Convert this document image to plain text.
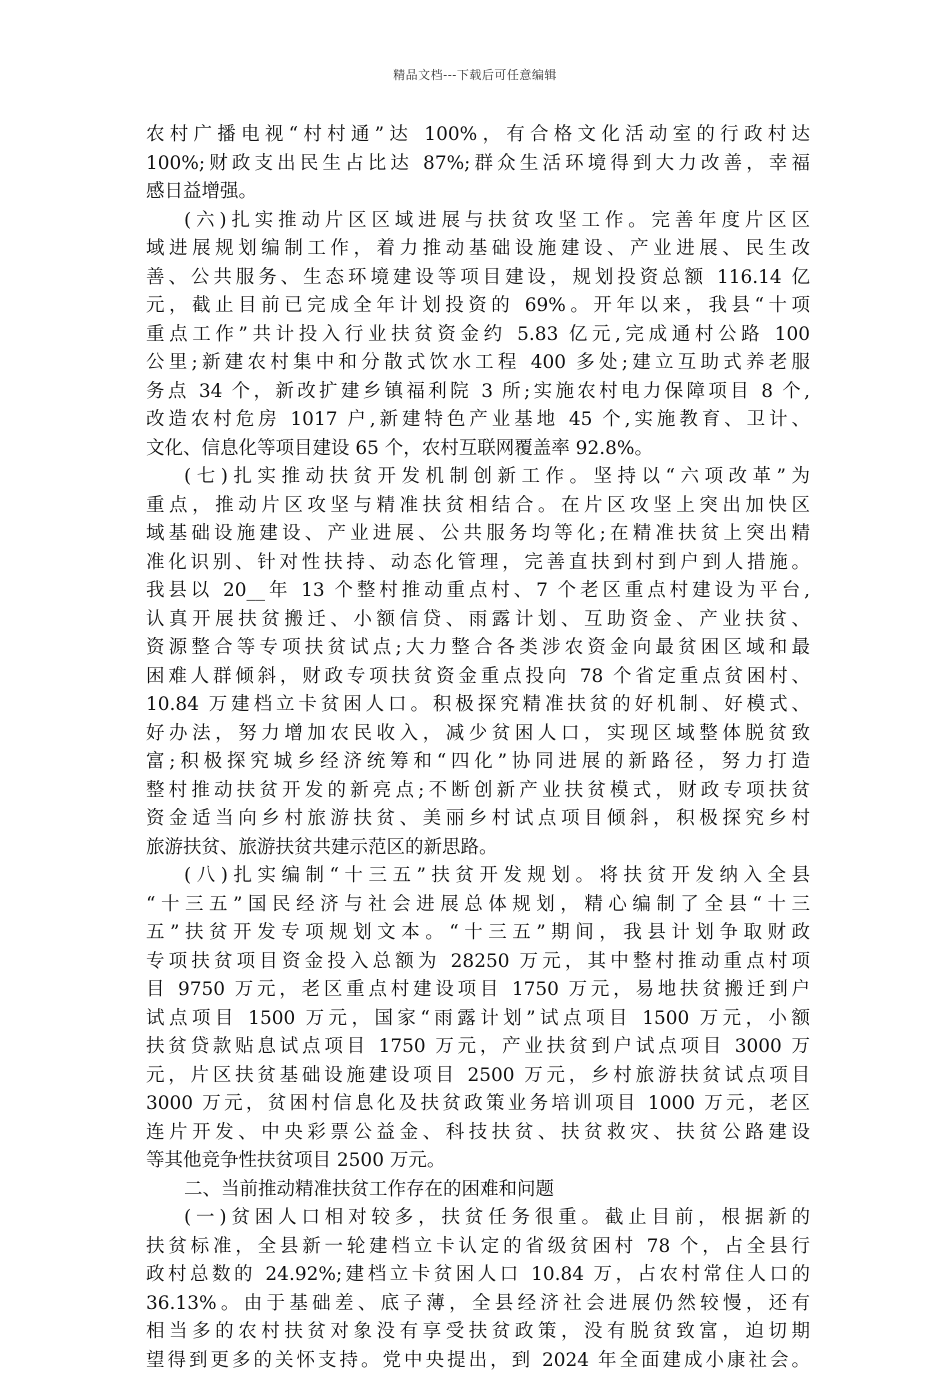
精品文档---下载后可任意编辑
农村广播电视“村村通”达 100%，有合格文化活动室的行政村达
100%;财政支出民生占比达 87%;群众生活环境得到大力改善，幸福
感日益增强。
(六)扎实推动片区区域进展与扶贫攻坚工作。完善年度片区区
域进展规划编制工作，着力推动基础设施建设、产业进展、民生改
善、公共服务、生态环境建设等项目建设，规划投资总额 116.14 亿
元，截止目前已完成全年计划投资的 69%。开年以来，我县“十项
重点工作”共计投入行业扶贫资金约 5.83 亿元,完成通村公路 100
公里;新建农村集中和分散式饮水工程 400 多处;建立互助式养老服
务点 34 个，新改扩建乡镇福利院 3 所;实施农村电力保障项目 8 个,
改造农村危房 1017 户,新建特色产业基地 45 个,实施教育、卫计、
文化、信息化等项目建设 65 个，农村互联网覆盖率 92.8%。
(七)扎实推动扶贫开发机制创新工作。坚持以“六项改革”为
重点，推动片区攻坚与精准扶贫相结合。在片区攻坚上突出加快区
域基础设施建设、产业进展、公共服务均等化;在精准扶贫上突出精
准化识别、针对性扶持、动态化管理，完善直扶到村到户到人措施。
我县以 20__年 13 个整村推动重点村、7 个老区重点村建设为平台,
认真开展扶贫搬迁、小额信贷、雨露计划、互助资金、产业扶贫、
资源整合等专项扶贫试点;大力整合各类涉农资金向最贫困区域和最
困难人群倾斜，财政专项扶贫资金重点投向 78 个省定重点贫困村、
10.84 万建档立卡贫困人口。积极探究精准扶贫的好机制、好模式、
好办法，努力增加农民收入，减少贫困人口，实现区域整体脱贫致
富;积极探究城乡经济统筹和“四化”协同进展的新路径，努力打造
整村推动扶贫开发的新亮点;不断创新产业扶贫模式，财政专项扶贫
资金适当向乡村旅游扶贫、美丽乡村试点项目倾斜，积极探究乡村
旅游扶贫、旅游扶贫共建示范区的新思路。
(八)扎实编制“十三五”扶贫开发规划。将扶贫开发纳入全县
“十三五”国民经济与社会进展总体规划，精心编制了全县“十三
五”扶贫开发专项规划文本。“十三五”期间，我县计划争取财政
专项扶贫项目资金投入总额为 28250 万元，其中整村推动重点村项
目 9750 万元，老区重点村建设项目 1750 万元，易地扶贫搬迁到户
试点项目 1500 万元，国家“雨露计划”试点项目 1500 万元，小额
扶贫贷款贴息试点项目 1750 万元，产业扶贫到户试点项目 3000 万
元，片区扶贫基础设施建设项目 2500 万元，乡村旅游扶贫试点项目
3000 万元，贫困村信息化及扶贫政策业务培训项目 1000 万元，老区
连片开发、中央彩票公益金、科技扶贫、扶贫救灾、扶贫公路建设
等其他竞争性扶贫项目 2500 万元。
二、当前推动精准扶贫工作存在的困难和问题
(一)贫困人口相对较多，扶贫任务很重。截止目前，根据新的
扶贫标准，全县新一轮建档立卡认定的省级贫困村 78 个，占全县行
政村总数的 24.92%;建档立卡贫困人口 10.84 万，占农村常住人口的
36.13%。由于基础差、底子薄，全县经济社会进展仍然较慢，还有
相当多的农村扶贫对象没有享受扶贫政策，没有脱贫致富，迫切期
望得到更多的关怀支持。党中央提出，到 2024 年全面建成小康社会。
